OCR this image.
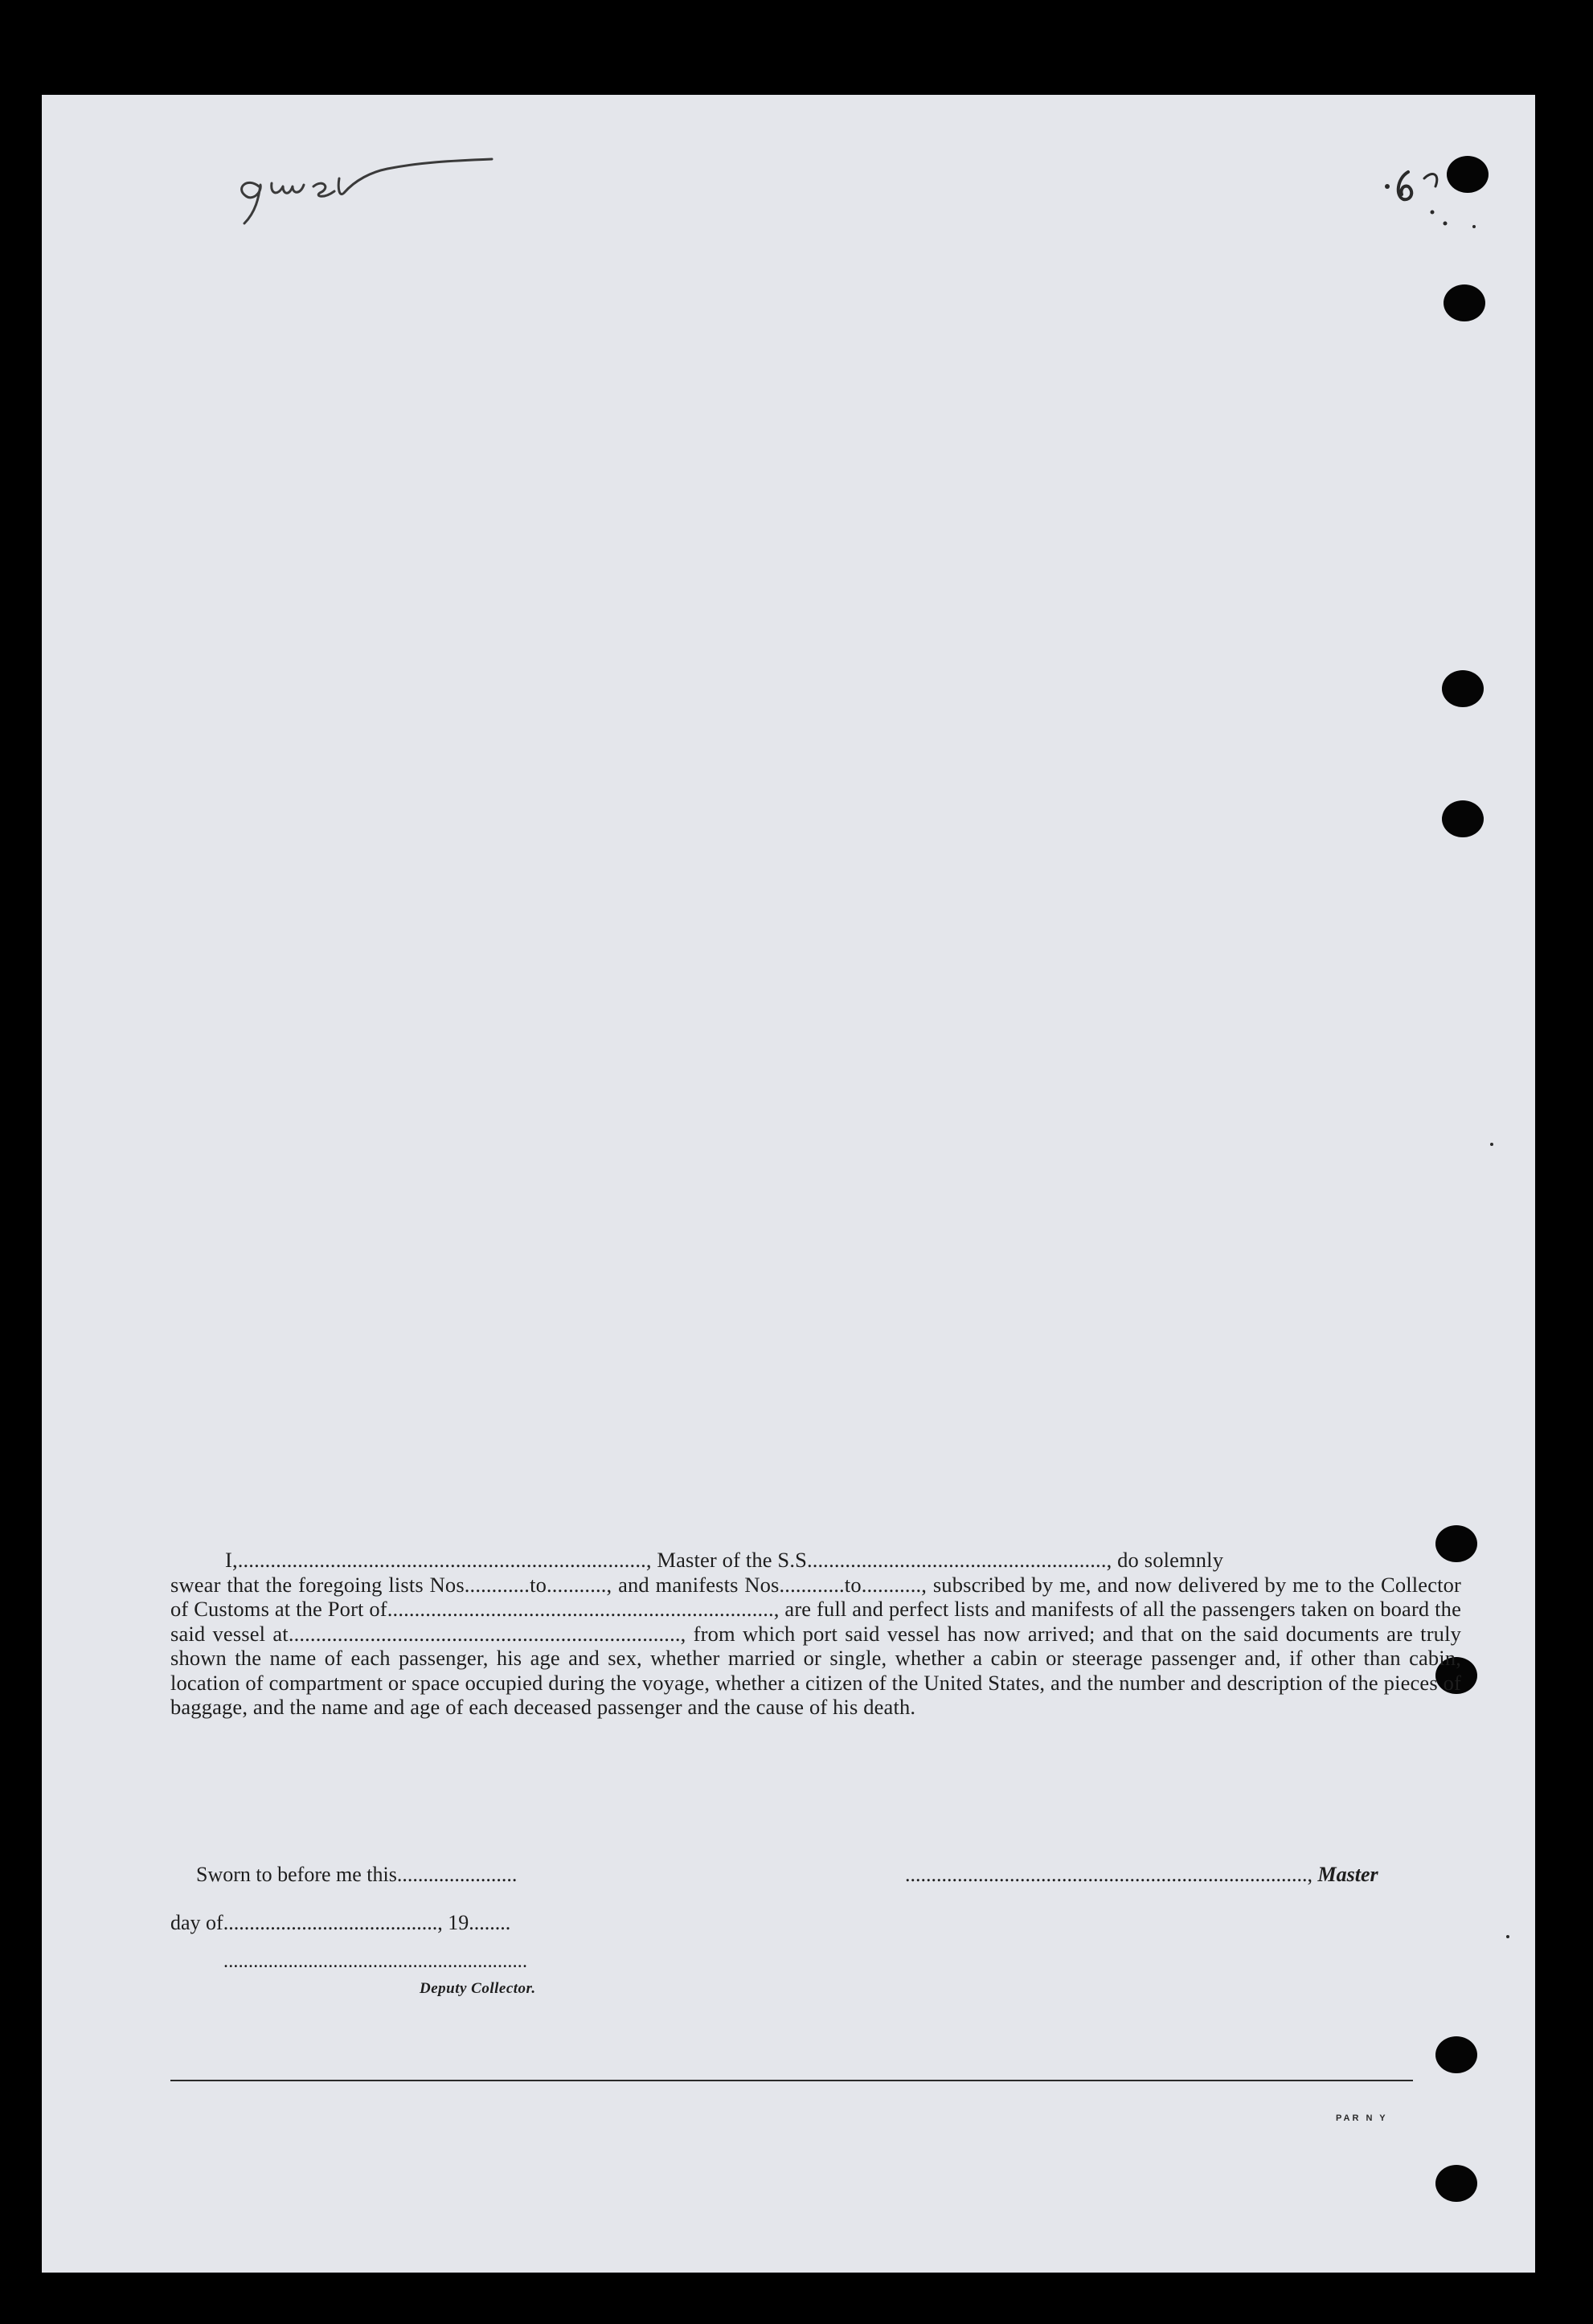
I,..........................................................................., Master of the S.S......................................................., do solemnly

swear that the foregoing lists Nos............to..........., and manifests Nos............to..........., subscribed by me, and now delivered by me to the Collector of Customs at the Port of......................................................................., are full and perfect lists and manifests of all the passengers taken on board the said vessel at........................................................................, from which port said vessel has now arrived; and that on the said documents are truly shown the name of each passenger, his age and sex, whether married or single, whether a cabin or steerage passenger and, if other than cabin, location of compartment or space occupied during the voyage, whether a citizen of the United States, and the number and description of the pieces of baggage, and the name and age of each deceased passenger and the cause of his death.
Sworn to before me this.......................	............................................................................., Master
day of........................................., 19........
.............................................................
Deputy Collector.
PAR N Y
